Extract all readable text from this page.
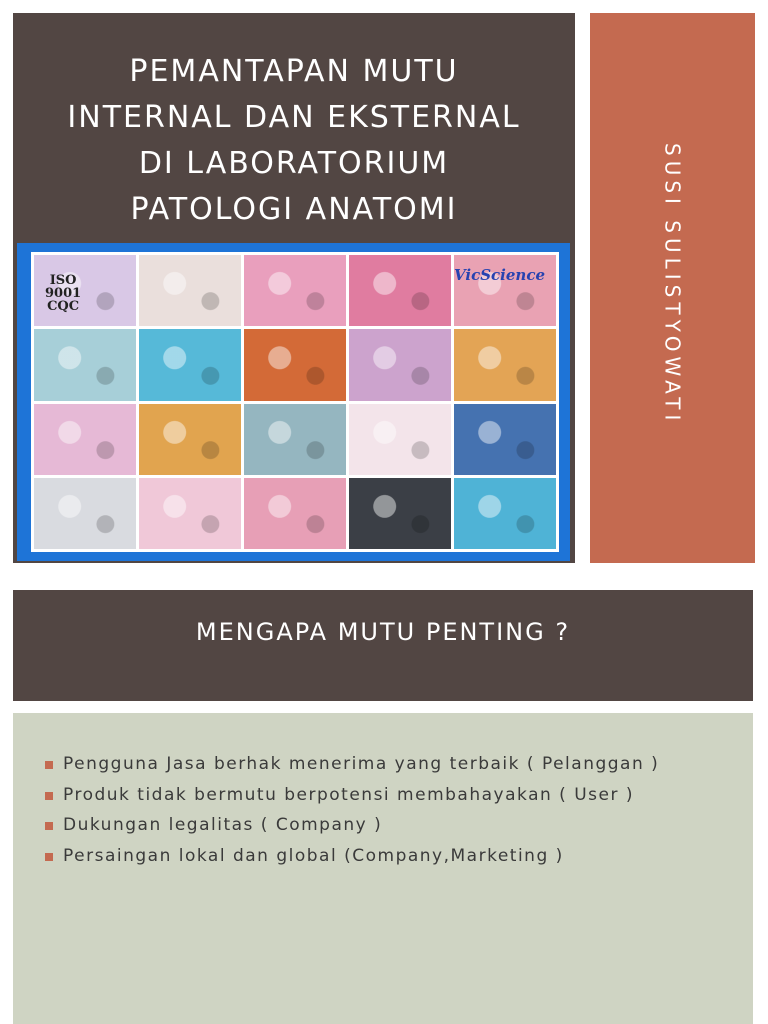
PEMANTAPAN MUTU
INTERNAL DAN EKSTERNAL
DI LABORATORIUM
PATOLOGI ANATOMI
VicScience
ISO
9001
CQC	SUSI SULISTYOWATI
MENGAPA MUTU PENTING ?
Pengguna Jasa berhak menerima yang terbaik ( Pelanggan )
Produk tidak bermutu berpotensi membahayakan ( User )
Dukungan legalitas ( Company )
Persaingan lokal dan global (Company,Marketing )
